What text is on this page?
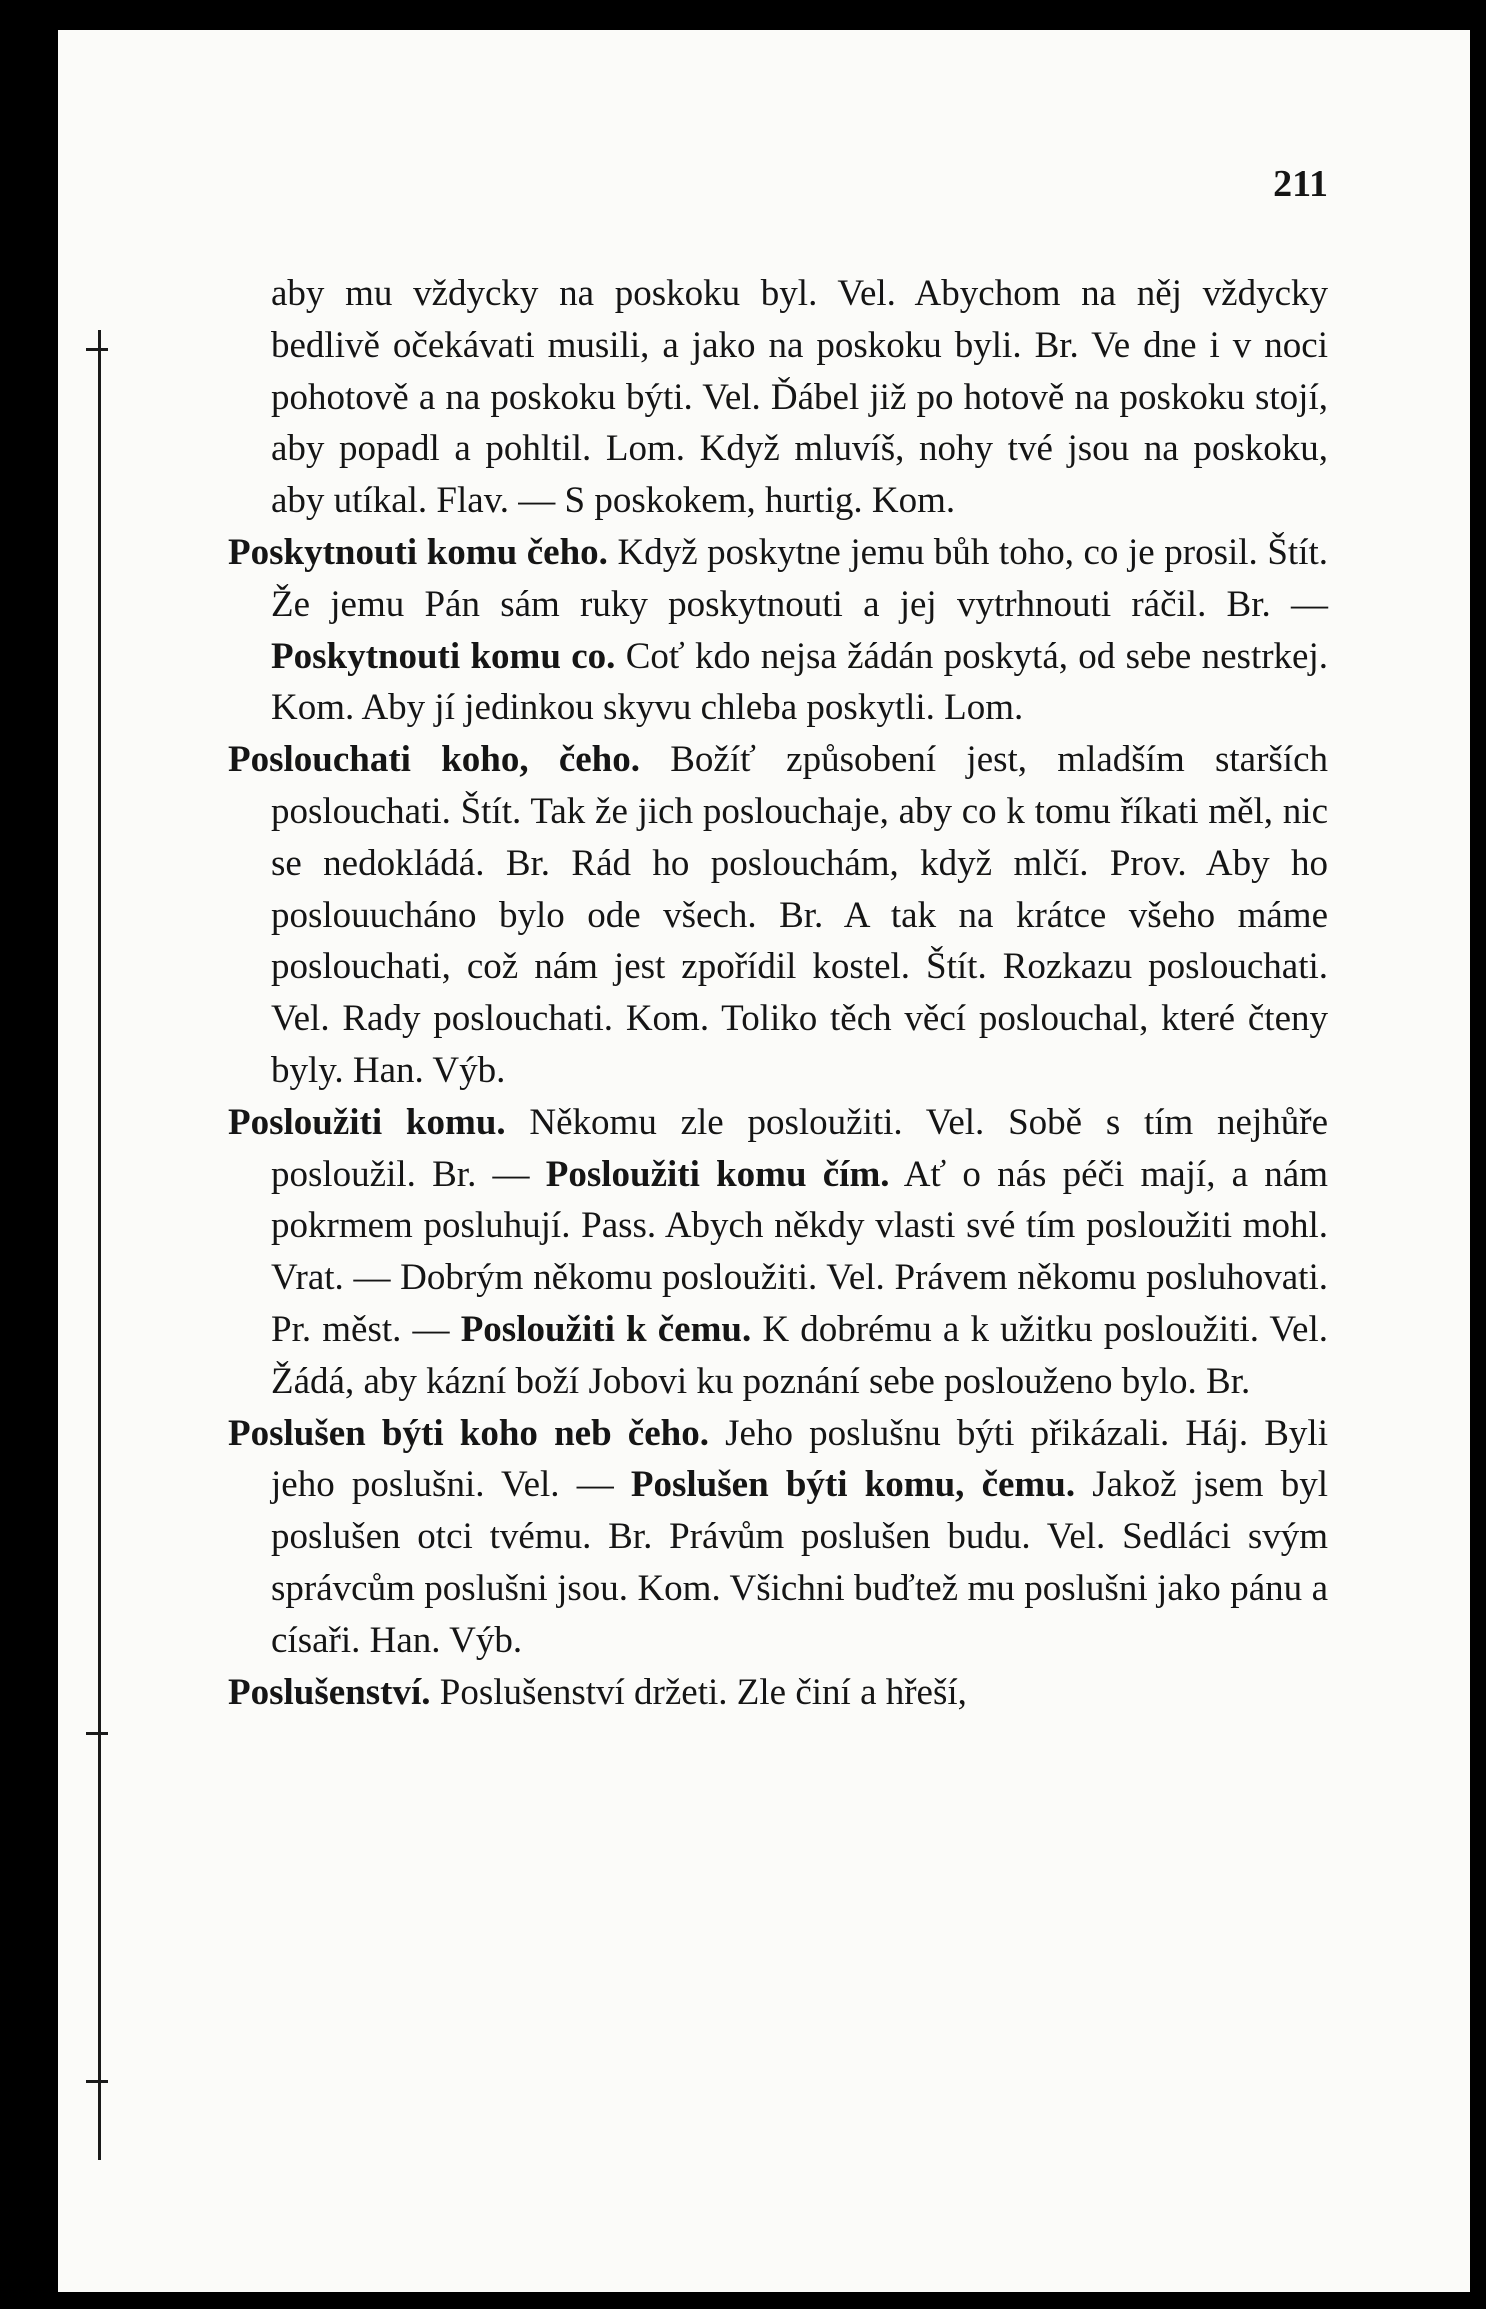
211

aby mu vždycky na poskoku byl. Vel. Abychom na něj vždycky bedlivě očekávati musili, a jako na poskoku byli. Br. Ve dne i v noci pohotově a na poskoku býti. Vel. Ďábel již po hotově na poskoku stojí, aby popadl a pohltil. Lom. Když mluvíš, nohy tvé jsou na poskoku, aby utíkal. Flav. — S poskokem, hurtig. Kom.

Poskytnouti komu čeho. Když poskytne jemu bůh toho, co je prosil. Štít. Že jemu Pán sám ruky poskytnouti a jej vytrhnouti ráčil. Br. — Poskytnouti komu co. Coť kdo nejsa žádán poskytá, od sebe nestrkej. Kom. Aby jí jedinkou skyvu chleba poskytli. Lom.

Poslouchati koho, čeho. Božíť způsobení jest, mladším starších poslouchati. Štít. Tak že jich poslouchaje, aby co k tomu říkati měl, nic se nedokládá. Br. Rád ho poslouchám, když mlčí. Prov. Aby ho poslouucháno bylo ode všech. Br. A tak na krátce všeho máme poslouchati, což nám jest zpořídil kostel. Štít. Rozkazu poslouchati. Vel. Rady poslouchati. Kom. Toliko těch věcí poslouchal, které čteny byly. Han. Výb.

Posloužiti komu. Někomu zle posloužiti. Vel. Sobě s tím nejhůře posloužil. Br. — Posloužiti komu čím. Ať o nás péči mají, a nám pokrmem posluhují. Pass. Abych někdy vlasti své tím posloužiti mohl. Vrat. — Dobrým někomu posloužiti. Vel. Právem někomu posluhovati. Pr. měst. — Posloužiti k čemu. K dobrému a k užitku posloužiti. Vel. Žádá, aby kázní boží Jobovi ku poznání sebe poslouženo bylo. Br.

Poslušen býti koho neb čeho. Jeho poslušnu býti přikázali. Háj. Byli jeho poslušni. Vel. — Poslušen býti komu, čemu. Jakož jsem byl poslušen otci tvému. Br. Právům poslušen budu. Vel. Sedláci svým správcům poslušni jsou. Kom. Všichni buďtež mu poslušni jako pánu a císaři. Han. Výb.

Poslušenství. Poslušenství držeti. Zle činí a hřeší,
